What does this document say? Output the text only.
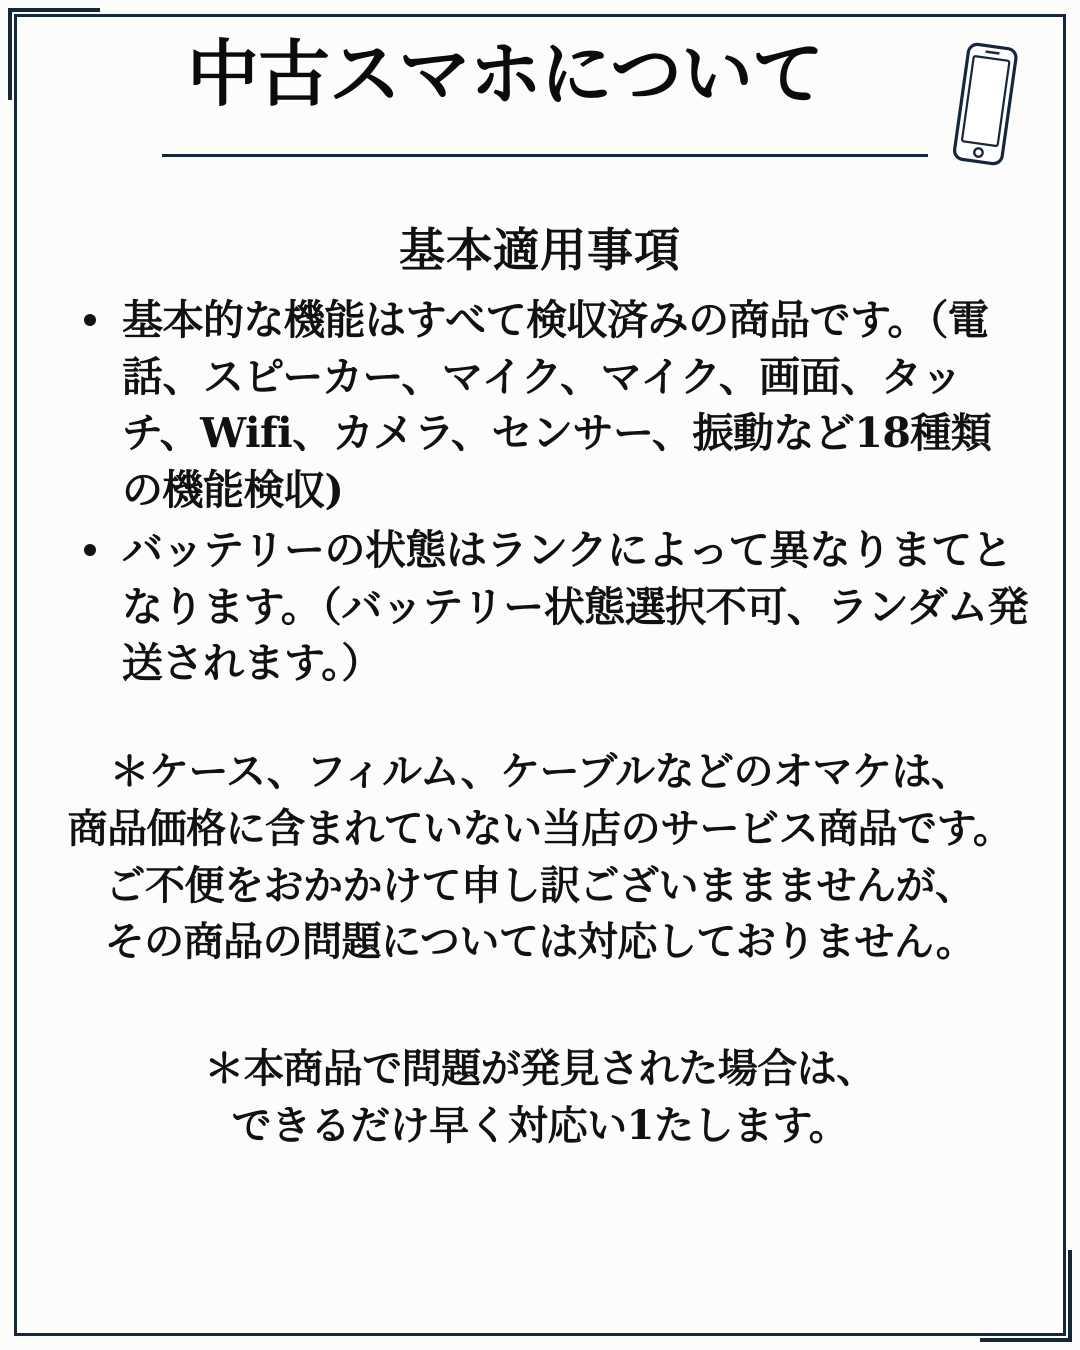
中古スマホについて
基本適用事項
基本的な機能はすべて検収済みの商品です。（電話、スピーカー、マイク、マイク、画面、タッチ、Wifi、カメラ、センサー、振動など18種類の機能検収)
バッテリーの状態はランクによって異なりまてとなります。（バッテリー状態選択不可、ランダム発送されます。）
＊ケース、フィルム、ケーブルなどのオマケは、
商品価格に含まれていない当店のサービス商品です。
ご不便をおかかけて申し訳ございままませんが、
その商品の問題については対応しておりません。
＊本商品で問題が発見された場合は、
できるだけ早く対応い1たします。
